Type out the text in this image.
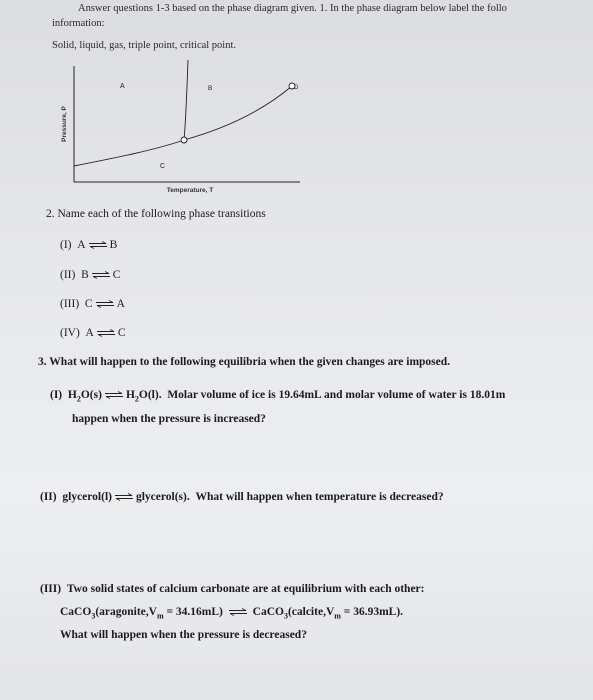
Answer questions 1-3 based on the phase diagram given. 1. In the phase diagram below label the follo
information:
Solid, liquid, gas, triple point, critical point.
A	B
C
D
Pressure, P
Temperature, T
2. Name each of the following phase transitions
(I) A ⇌ B
(II) B ⇌ C
(III) C ⇌ A
(IV) A ⇌ C
3. What will happen to the following equilibria when the given changes are imposed.
(I) $H_2O(s)$ ⇌ $H_2O(l)$. Molar volume of ice is 19.64mL and molar volume of water is 18.01m
happen when the pressure is increased?
(II) glycerol(l) ⇌ glycerol(s). What will happen when temperature is decreased?
(III) Two solid states of calcium carbonate are at equilibrium with each other:
$CaCO_3(aragonite,V_m = 34.16mL)$ ⇌ $CaCO_3(calcite,V_m = 36.93mL)$.
What will happen when the pressure is decreased?
